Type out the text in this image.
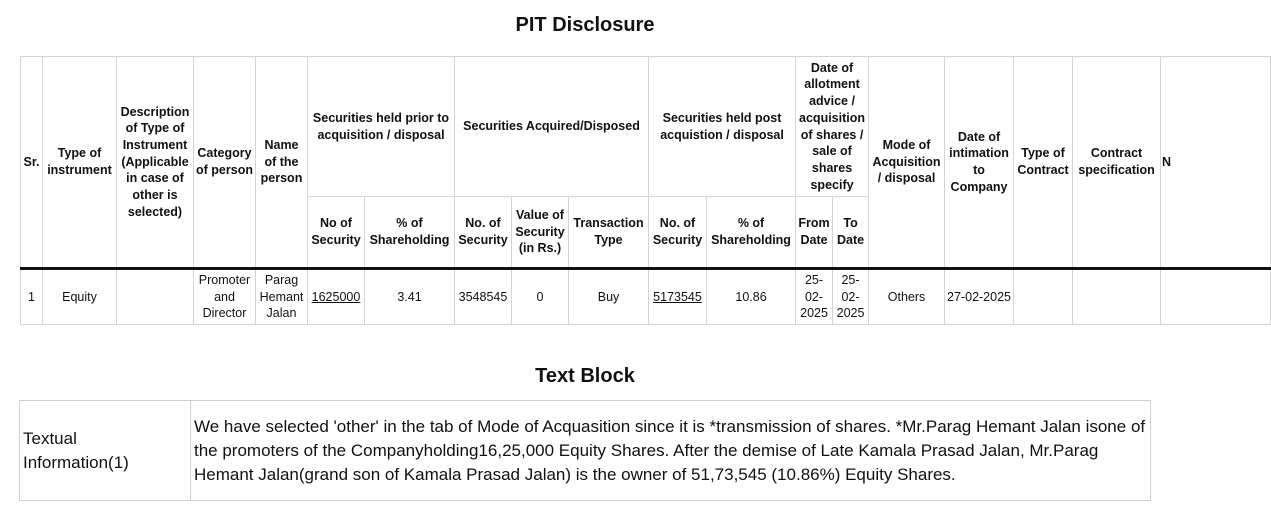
PIT Disclosure
Sr.	Type of instrument	Description of Type of Instrument (Applicable in case of other is selected)	Category of person	Name of the person	Securities held prior to acquisition / disposal		Securities Acquired/Disposed			Securities held post acquistion / disposal		Date of allotment advice / acquisition of shares / sale of shares specify		Mode of Acquisition / disposal	Date of intimation to Company	Type of Contract	Contract specification	N
					No of Security	% of Shareholding	No. of Security	Value of Security (in Rs.)	Transaction Type	No. of Security	% of Shareholding	From Date	To Date					
1	Equity		Promoter and Director	Parag Hemant Jalan	1625000	3.41	3548545	0	Buy	5173545	10.86	25-02-2025	25-02-2025	Others	27-02-2025			
Text Block
Textual Information(1)	We have selected 'other' in the tab of Mode of Acquasition since it is *transmission of shares. *Mr.Parag Hemant Jalan isone of the promoters of the Companyholding16,25,000 Equity Shares. After the demise of Late Kamala Prasad Jalan, Mr.Parag Hemant Jalan(grand son of Kamala Prasad Jalan) is the owner of 51,73,545 (10.86%) Equity Shares.
